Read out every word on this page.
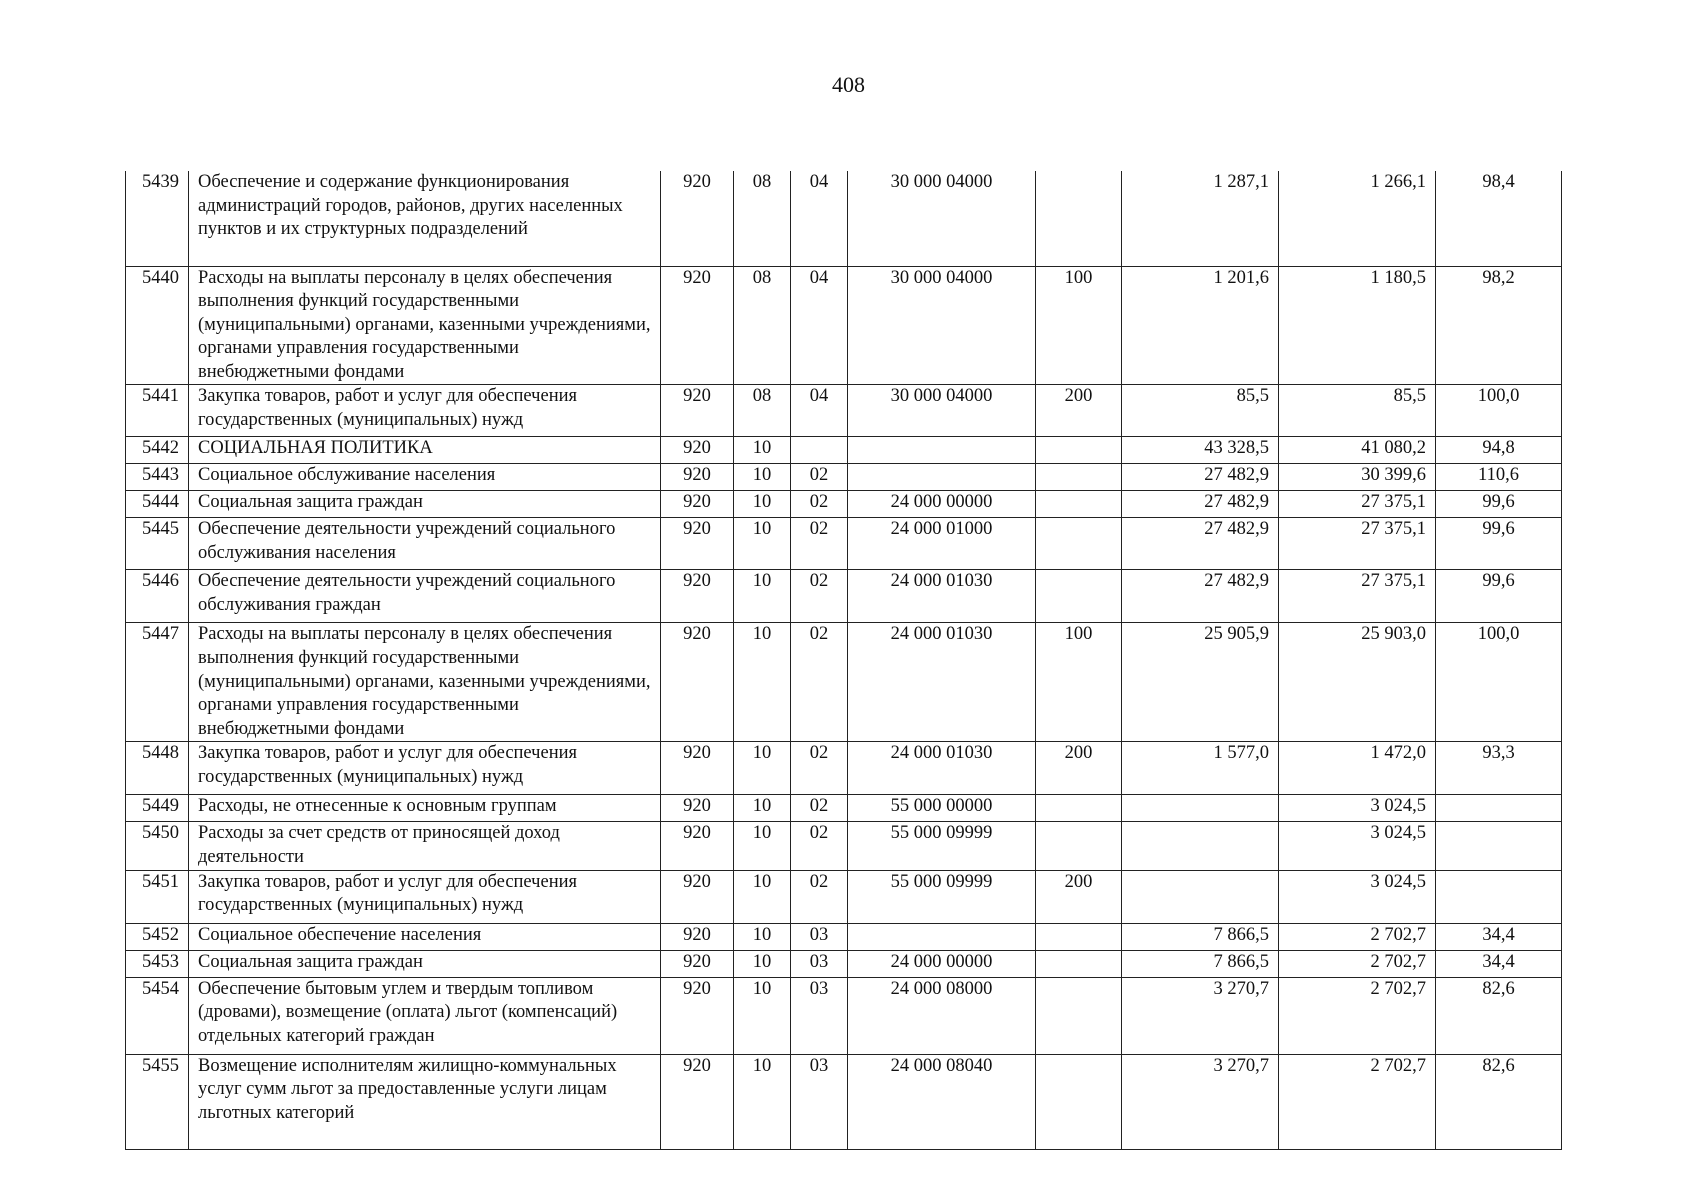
408
5439	Обеспечение и содержание функционирования администраций городов, районов, других населенных пунктов и их структурных подразделений	920	08	04	30 000 04000		1 287,1	1 266,1	98,4
5440	Расходы на выплаты персоналу в целях обеспечения выполнения функций государственными (муниципальными) органами, казенными учреждениями, органами управления государственными внебюджетными фондами	920	08	04	30 000 04000	100	1 201,6	1 180,5	98,2
5441	Закупка товаров, работ и услуг для обеспечения государственных (муниципальных) нужд	920	08	04	30 000 04000	200	85,5	85,5	100,0
5442	СОЦИАЛЬНАЯ ПОЛИТИКА	920	10				43 328,5	41 080,2	94,8
5443	Социальное обслуживание населения	920	10	02			27 482,9	30 399,6	110,6
5444	Социальная защита граждан	920	10	02	24 000 00000		27 482,9	27 375,1	99,6
5445	Обеспечение деятельности учреждений социального обслуживания населения	920	10	02	24 000 01000		27 482,9	27 375,1	99,6
5446	Обеспечение деятельности учреждений социального обслуживания граждан	920	10	02	24 000 01030		27 482,9	27 375,1	99,6
5447	Расходы на выплаты персоналу в целях обеспечения выполнения функций государственными (муниципальными) органами, казенными учреждениями, органами управления государственными внебюджетными фондами	920	10	02	24 000 01030	100	25 905,9	25 903,0	100,0
5448	Закупка товаров, работ и услуг для обеспечения государственных (муниципальных) нужд	920	10	02	24 000 01030	200	1 577,0	1 472,0	93,3
5449	Расходы, не отнесенные к основным группам	920	10	02	55 000 00000			3 024,5	
5450	Расходы за счет средств от приносящей доход деятельности	920	10	02	55 000 09999			3 024,5	
5451	Закупка товаров, работ и услуг для обеспечения государственных (муниципальных) нужд	920	10	02	55 000 09999	200		3 024,5	
5452	Социальное обеспечение населения	920	10	03			7 866,5	2 702,7	34,4
5453	Социальная защита граждан	920	10	03	24 000 00000		7 866,5	2 702,7	34,4
5454	Обеспечение бытовым углем и твердым топливом (дровами), возмещение (оплата) льгот (компенсаций) отдельных категорий граждан	920	10	03	24 000 08000		3 270,7	2 702,7	82,6
5455	Возмещение исполнителям жилищно-коммунальных услуг сумм льгот за предоставленные услуги лицам льготных категорий	920	10	03	24 000 08040		3 270,7	2 702,7	82,6
